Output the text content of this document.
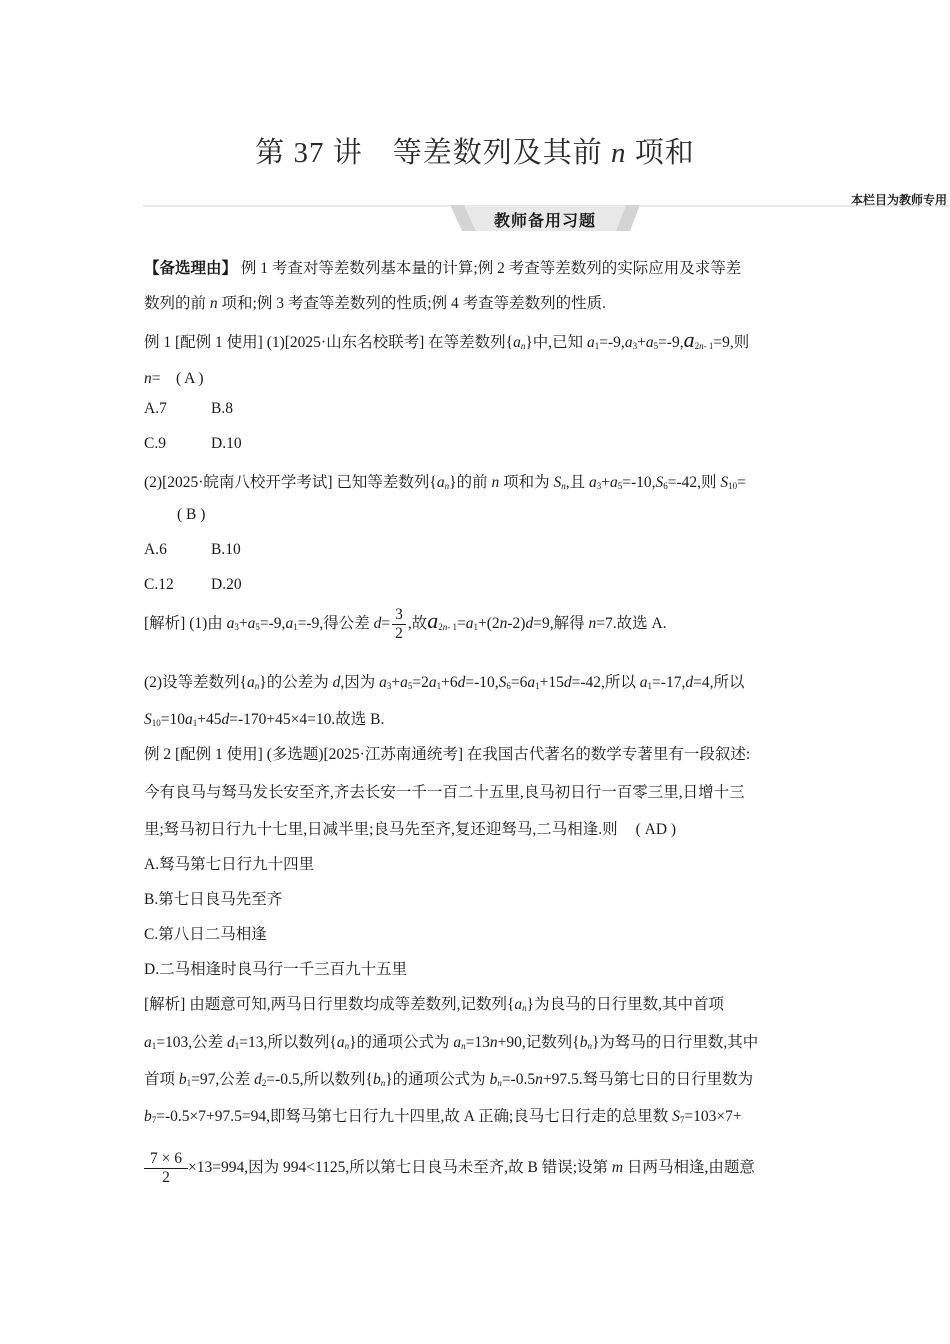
第 37 讲　等差数列及其前 n 项和
本栏目为教师专用
教师备用习题
【备选理由】 例 1 考查对等差数列基本量的计算;例 2 考查等差数列的实际应用及求等差
数列的前 n 项和;例 3 考查等差数列的性质;例 4 考查等差数列的性质.
例 1 [配例 1 使用] (1)[2025·山东名校联考] 在等差数列$\{a_n\}$中,已知 $a_1=-9,a_3+a_5=-9,a_{2n- 1}=9$,则
n=　( A )
A.7	B.8
C.9	D.10
(2)[2025·皖南八校开学考试] 已知等差数列$\{a_n\}$的前 n 项和为 $S_n$,且 $a_3+a_5=-10,S_6=-42$,则 $S_{10}=$
( B )
A.6	B.10
C.12 D.20
[解析] (1)由 $a_3+a_5=-9,a_1=-9$,得公差 $d= \frac{3}{2}$ ,故$a_{2n- 1}=a_1+(2n-2)d=9$,解得 n=7.故选 A.
(2)设等差数列$\{a_n\}$的公差为 d,因为 $a_3+a_5=2a_1+6d=-10,S_6=6a_1+15d=-42$,所以 $a_1=-17,d=4$,所以
$S_{10}=10a_1+45d=-170+45\times 4=10$.故选 B.
例 2 [配例 1 使用] (多选题)[2025·江苏南通统考] 在我国古代著名的数学专著里有一段叙述:
今有良马与驽马发长安至齐,齐去长安一千一百二十五里,良马初日行一百零三里,日增十三
里;驽马初日行九十七里,日减半里;良马先至齐,复还迎驽马,二马相逢.则 ( AD )
A.驽马第七日行九十四里
B.第七日良马先至齐
C.第八日二马相逢
D.二马相逢时良马行一千三百九十五里
[解析] 由题意可知,两马日行里数均成等差数列,记数列$\{a_n\}$为良马的日行里数,其中首项
$a_1=103$,公差 $d_1=13$,所以数列$\{a_n\}$的通项公式为 $a_n=13n+90$,记数列$\{b_n\}$为驽马的日行里数,其中
首项 $b_1=97$,公差 $d_2=-0.5$,所以数列$\{b_n\}$的通项公式为 $b_n=-0.5n+97.5$.驽马第七日的日行里数为
$b_7=-0.5\times 7+97.5=94$,即驽马第七日行九十四里,故 A 正确;良马七日行走的总里数 $S_7=103\times 7+$
$\frac{7 \times 6}{2} \times 13=994$,因为 994<1125,所以第七日良马未至齐,故 B 错误;设第 m 日两马相逢,由题意
